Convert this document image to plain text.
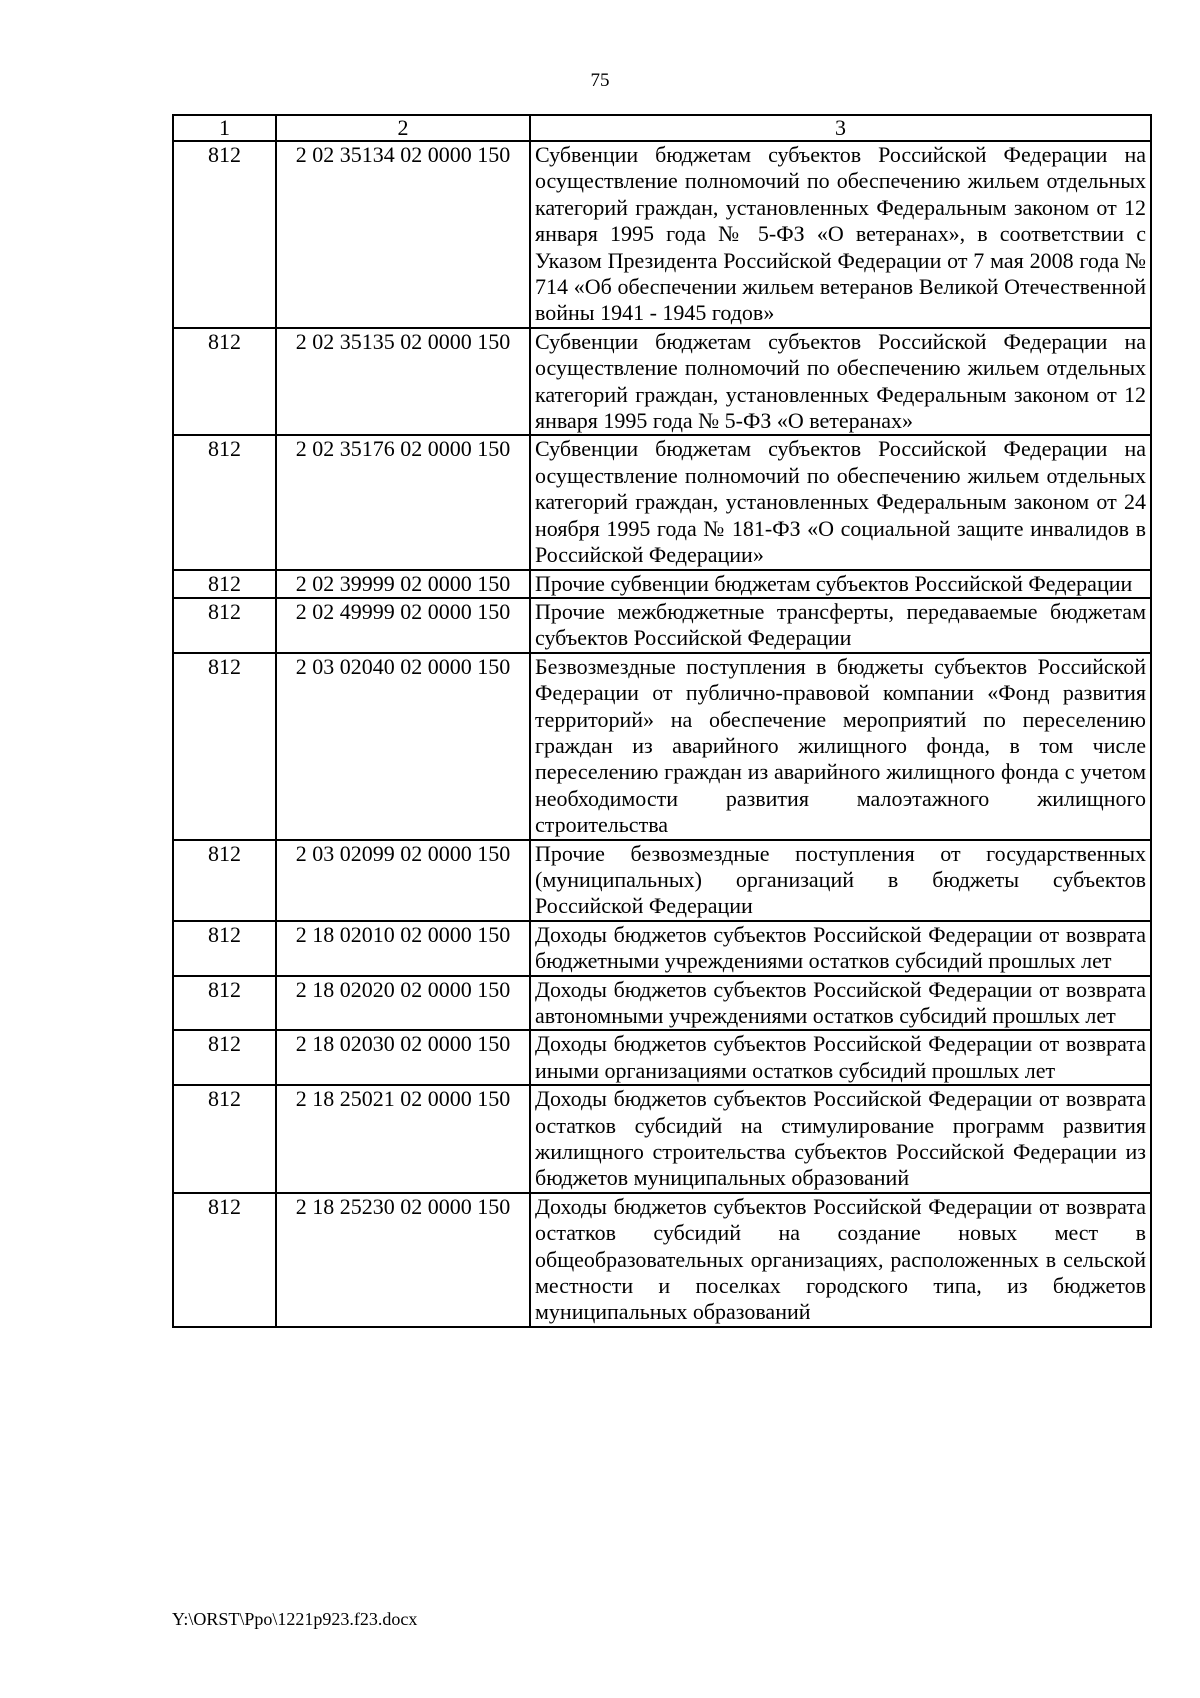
75
1	2	3
812	2 02 35134 02 0000 150	Субвенции бюджетам субъектов Российской Федерации на осуществление полномочий по обеспечению жильем отдельных категорий граждан, установленных Федеральным законом от 12 января 1995 года № 5-ФЗ «О ветеранах», в соответствии с Указом Президента Российской Федерации от 7 мая 2008 года № 714 «Об обеспечении жильем ветеранов Великой Отечественной войны 1941 - 1945 годов»
812	2 02 35135 02 0000 150	Субвенции бюджетам субъектов Российской Федерации на осуществление полномочий по обеспечению жильем отдельных категорий граждан, установленных Федеральным законом от 12 января 1995 года № 5-ФЗ «О ветеранах»
812	2 02 35176 02 0000 150	Субвенции бюджетам субъектов Российской Федерации на осуществление полномочий по обеспечению жильем отдельных категорий граждан, установленных Федеральным законом от 24 ноября 1995 года № 181-ФЗ «О социальной защите инвалидов в Российской Федерации»
812	2 02 39999 02 0000 150	Прочие субвенции бюджетам субъектов Российской Федерации
812	2 02 49999 02 0000 150	Прочие межбюджетные трансферты, передаваемые бюджетам субъектов Российской Федерации
812	2 03 02040 02 0000 150	Безвозмездные поступления в бюджеты субъектов Российской Федерации от публично-правовой компании «Фонд развития территорий» на обеспечение мероприятий по переселению граждан из аварийного жилищного фонда, в том числе переселению граждан из аварийного жилищного фонда с учетом необходимости развития малоэтажного жилищного строительства
812	2 03 02099 02 0000 150	Прочие безвозмездные поступления от государственных (муниципальных) организаций в бюджеты субъектов Российской Федерации
812	2 18 02010 02 0000 150	Доходы бюджетов субъектов Российской Федерации от возврата бюджетными учреждениями остатков субсидий прошлых лет
812	2 18 02020 02 0000 150	Доходы бюджетов субъектов Российской Федерации от возврата автономными учреждениями остатков субсидий прошлых лет
812	2 18 02030 02 0000 150	Доходы бюджетов субъектов Российской Федерации от возврата иными организациями остатков субсидий прошлых лет
812	2 18 25021 02 0000 150	Доходы бюджетов субъектов Российской Федерации от возврата остатков субсидий на стимулирование программ развития жилищного строительства субъектов Российской Федерации из бюджетов муниципальных образований
812	2 18 25230 02 0000 150	Доходы бюджетов субъектов Российской Федерации от возврата остатков субсидий на создание новых мест в общеобразовательных организациях, расположенных в сельской местности и поселках городского типа, из бюджетов муниципальных образований
Y:\ORST\Ppo\1221p923.f23.docx
